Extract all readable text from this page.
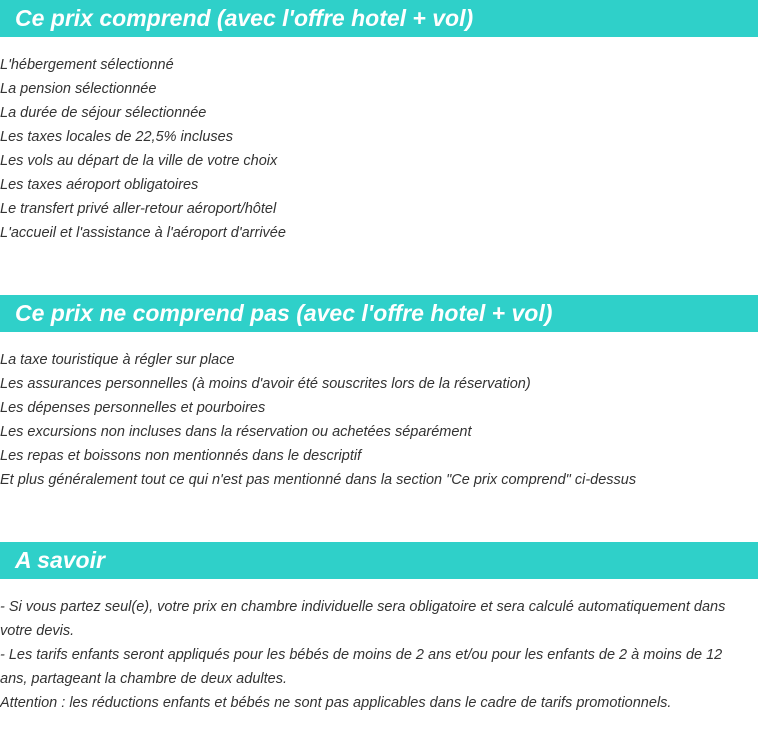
Ce prix comprend (avec l'offre hotel + vol)
L'hébergement sélectionné
La pension sélectionnée
La durée de séjour sélectionnée
Les taxes locales de 22,5% incluses
Les vols au départ de la ville de votre choix
Les taxes aéroport obligatoires
Le transfert privé aller-retour aéroport/hôtel
L'accueil et l'assistance à l'aéroport d'arrivée
Ce prix ne comprend pas (avec l'offre hotel + vol)
La taxe touristique à régler sur place
Les assurances personnelles (à moins d'avoir été souscrites lors de la réservation)
Les dépenses personnelles et pourboires
Les excursions non incluses dans la réservation ou achetées séparément
Les repas et boissons non mentionnés dans le descriptif
Et plus généralement tout ce qui n'est pas mentionné dans la section "Ce prix comprend" ci-dessus
A savoir

- Si vous partez seul(e), votre prix en chambre individuelle sera obligatoire et sera calculé automatiquement dans votre devis.

- Les tarifs enfants seront appliqués pour les bébés de moins de 2 ans et/ou pour les enfants de 2 à moins de 12 ans, partageant la chambre de deux adultes.

Attention : les réductions enfants et bébés ne sont pas applicables dans le cadre de tarifs promotionnels.
